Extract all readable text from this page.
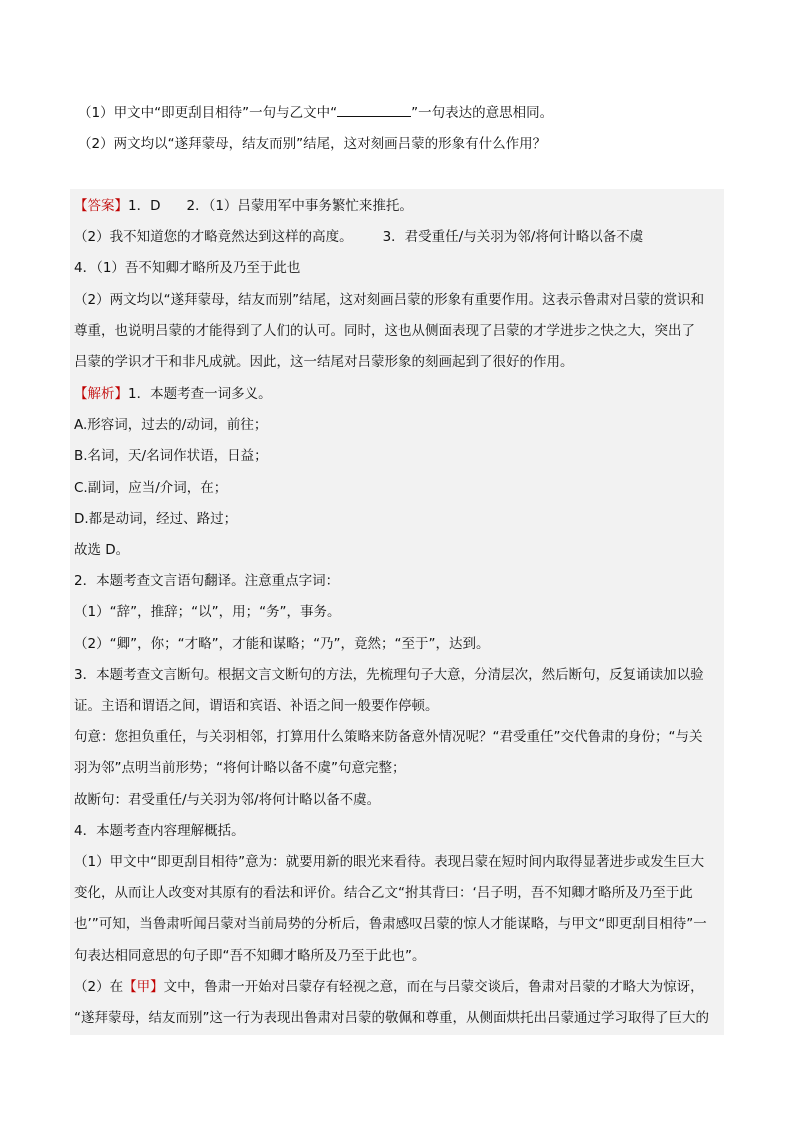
（1）甲文中“即更刮目相待”一句与乙文中“	”一句表达的意思相同。
（2）两文均以“遂拜蒙母，结友而别”结尾，这对刻画吕蒙的形象有什么作用？
【答案】1．D 2．（1）吕蒙用军中事务繁忙来推托。
（2）我不知道您的才略竟然达到这样的高度。 3．君受重任/与关羽为邻/将何计略以备不虞
4．（1）吾不知卿才略所及乃至于此也
（2）两文均以“遂拜蒙母，结友而别”结尾，这对刻画吕蒙的形象有重要作用。这表示鲁肃对吕蒙的赏识和
尊重，也说明吕蒙的才能得到了人们的认可。同时，这也从侧面表现了吕蒙的才学进步之快之大，突出了
吕蒙的学识才干和非凡成就。因此，这一结尾对吕蒙形象的刻画起到了很好的作用。
【解析】1．本题考查一词多义。
A.形容词，过去的/动词，前往；
B.名词，天/名词作状语，日益；
C.副词，应当/介词，在；
D.都是动词，经过、路过；
故选 D。
2．本题考查文言语句翻译。注意重点字词：
（1）“辞”，推辞；“以”，用；“务”，事务。
（2）“卿”，你；“才略”，才能和谋略；“乃”，竟然；“至于”，达到。
3．本题考查文言断句。根据文言文断句的方法，先梳理句子大意，分清层次，然后断句，反复诵读加以验
证。主语和谓语之间，谓语和宾语、补语之间一般要作停顿。
句意：您担负重任，与关羽相邻，打算用什么策略来防备意外情况呢？“君受重任”交代鲁肃的身份；“与关
羽为邻”点明当前形势；“将何计略以备不虞”句意完整；
故断句：君受重任/与关羽为邻/将何计略以备不虞。
4．本题考查内容理解概括。
（1）甲文中“即更刮目相待”意为：就要用新的眼光来看待。表现吕蒙在短时间内取得显著进步或发生巨大
变化，从而让人改变对其原有的看法和评价。结合乙文“拊其背曰：‘吕子明，吾不知卿才略所及乃至于此
也’”可知，当鲁肃听闻吕蒙对当前局势的分析后，鲁肃感叹吕蒙的惊人才能谋略，与甲文“即更刮目相待”一
句表达相同意思的句子即“吾不知卿才略所及乃至于此也”。
（2）在【甲】文中，鲁肃一开始对吕蒙存有轻视之意，而在与吕蒙交谈后，鲁肃对吕蒙的才略大为惊讶，
“遂拜蒙母，结友而别”这一行为表现出鲁肃对吕蒙的敬佩和尊重，从侧面烘托出吕蒙通过学习取得了巨大的
